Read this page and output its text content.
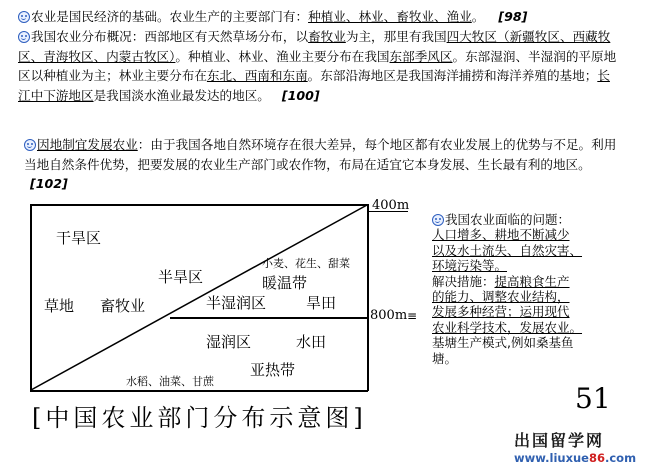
农业是国民经济的基础。农业生产的主要部门有：种植业、林业、畜牧业、渔业。 [98]
我国农业分布概况：西部地区有天然草场分布，以畜牧业为主，那里有我国四大牧区（新疆牧区、西藏牧区、青海牧区、内蒙古牧区）。种植业、林业、渔业主要分布在我国东部季风区。东部湿润、半湿润的平原地区以种植业为主；林业主要分布在东北、西南和东南。东部沿海地区是我国海洋捕捞和海洋养殖的基地；长江中下游地区是我国淡水渔业最发达的地区。 [100]
因地制宜发展农业：由于我国各地自然环境存在很大差异，每个地区都有农业发展上的优势与不足。利用当地自然条件优势，把要发展的农业生产部门或农作物，布局在适宜它本身发展、生长最有利的地区。 [102]
400m
800m ≡
干旱区
半旱区
草地 畜牧业
小麦、花生、甜菜
暖温带
半湿润区	旱田
湿润区	水田
亚热带
水稻、油菜、甘蔗
[中国农业部门分布示意图]
我国农业面临的问题：
人口增多、耕地不断减少
以及水土流失、自然灾害、
环境污染等。
解决措施：提高粮食生产
的能力、调整农业结构，
发展多种经营；运用现代
农业科学技术，发展农业。
基塘生产模式,例如桑基鱼
塘。
51
出国留学网
www.liuxue86.com
